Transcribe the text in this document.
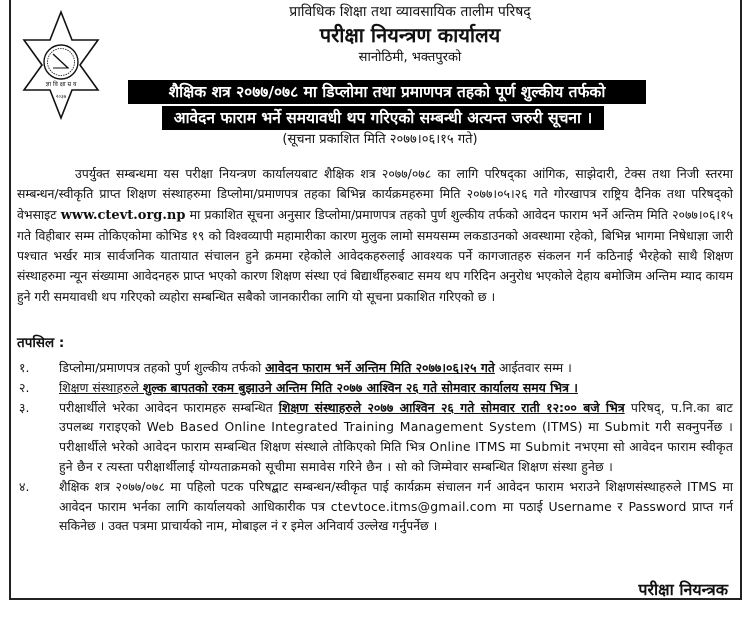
ज्ञा वि क्षा म्र व
२०३७
प्राविधिक शिक्षा तथा व्यावसायिक तालीम परिषद्
परीक्षा नियन्त्रण कार्यालय
सानोठिमी, भक्तपुरको
शैक्षिक शत्र २०७७/०७८ मा डिप्लोमा तथा प्रमाणपत्र तहको पूर्ण शुल्कीय तर्फको
आवेदन फाराम भर्ने समयावधी थप गरिएको सम्बन्धी अत्यन्त जरुरी सूचना ।
(सूचना प्रकाशित मिति २०७७।०६।१५ गते)
उपर्युक्त सम्बन्धमा यस परीक्षा नियन्त्रण कार्यालयबाट शैक्षिक शत्र २०७७/०७८ का लागि परिषद्का आंगिक, साझेदारी, टेक्स तथा निजी स्तरमा सम्बन्धन/स्वीकृति प्राप्त शिक्षण संस्थाहरुमा डिप्लोमा/प्रमाणपत्र तहका बिभिन्न कार्यक्रमहरुमा मिति २०७७।०५।२६ गते गोरखापत्र राष्ट्रिय दैनिक तथा परिषद्को वेभसाइट www.ctevt.org.np मा प्रकाशित सूचना अनुसार डिप्लोमा/प्रमाणपत्र तहको पुर्ण शुल्कीय तर्फको आवेदन फाराम भर्ने अन्तिम मिति २०७७।०६।१५ गते विहीबार सम्म तोकिएकोमा कोभिड १९ को विश्वव्यापी महामारीका कारण मुलुक लामो समयसम्म लकडाउनको अवस्थामा रहेको, बिभिन्न भागमा निषेधाज्ञा जारी पश्चात भर्खर मात्र सार्वजनिक यातायात संचालन हुने क्रममा रहेकोले आवेदकहरुलाई आवश्यक पर्ने कागजातहरु संकलन गर्न कठिनाई भैरहेको साथै शिक्षण संस्थाहरुमा न्यून संख्यामा आवेदनहरु प्राप्त भएको कारण शिक्षण संस्था एवं बिद्यार्थीहरुबाट समय थप गरिदिन अनुरोध भएकोले देहाय बमोजिम अन्तिम म्याद कायम हुने गरी समयावधी थप गरिएको व्यहोरा सम्बन्धित सबैको जानकारीका लागि यो सूचना प्रकाशित गरिएको छ ।
तपसिल :
१.	डिप्लोमा/प्रमाणपत्र तहको पुर्ण शुल्कीय तर्फको आवेदन फाराम भर्ने अन्तिम मिति २०७७।०६।२५ गते आईतवार सम्म ।
२.	शिक्षण संस्थाहरुले शुल्क बापतको रकम बुझाउने अन्तिम मिति २०७७ आश्विन २६ गते सोमवार कार्यालय समय भित्र ।
३.	परीक्षार्थीले भरेका आवेदन फारामहरु सम्बन्धित शिक्षण संस्थाहरुले २०७७ आश्विन २६ गते सोमवार राती १२:०० बजे भित्र परिषद्, प.नि.का बाट उपलब्ध गराइएको Web Based Online Integrated Training Management System (ITMS) मा Submit गरी सक्नुपर्नेछ । परीक्षार्थीले भरेको आवेदन फाराम सम्बन्धित शिक्षण संस्थाले तोकिएको मिति भित्र Online ITMS मा Submit नभएमा सो आवेदन फाराम स्वीकृत हुने छैन र त्यस्ता परीक्षार्थीलाई योग्यताक्रमको सूचीमा समावेस गरिने छैन । सो को जिम्मेवार सम्बन्धित शिक्षण संस्था हुनेछ ।
४.	शैक्षिक शत्र २०७७/०७८ मा पहिलो पटक परिषद्बाट सम्बन्धन/स्वीकृत पाई कार्यक्रम संचालन गर्न आवेदन फाराम भराउने शिक्षणसंस्थाहरुले ITMS मा आवेदन फाराम भर्नका लागि कार्यालयको आधिकारीक पत्र ctevtoce.itms@gmail.com मा पठाई Username र Password प्राप्त गर्न सकिनेछ । उक्त पत्रमा प्राचार्यको नाम, मोबाइल नं र इमेल अनिवार्य उल्लेख गर्नुपर्नेछ ।
परीक्षा नियन्त्रक
